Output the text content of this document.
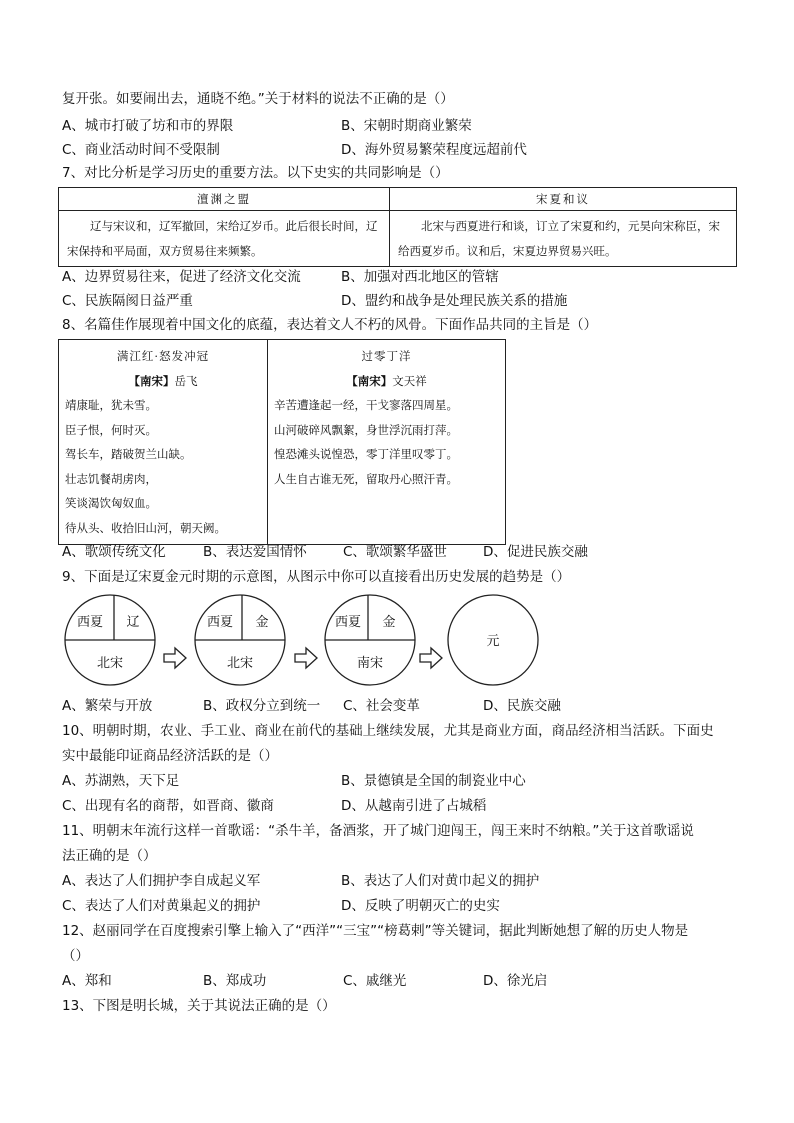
复开张。如要闹出去，通晓不绝。”关于材料的说法不正确的是（）
A、城市打破了坊和市的界限	B、宋朝时期商业繁荣
C、商业活动时间不受限制	D、海外贸易繁荣程度远超前代
7、对比分析是学习历史的重要方法。以下史实的共同影响是（）
澶渊之盟	宋夏和议
辽与宋议和，辽军撤回，宋给辽岁币。此后很长时间，辽宋保持和平局面，双方贸易往来频繁。	北宋与西夏进行和谈，订立了宋夏和约，元昊向宋称臣，宋给西夏岁币。议和后，宋夏边界贸易兴旺。
A、边界贸易往来，促进了经济文化交流	B、加强对西北地区的管辖
C、民族隔阂日益严重	D、盟约和战争是处理民族关系的措施
8、名篇佳作展现着中国文化的底蕴，表达着文人不朽的风骨。下面作品共同的主旨是（）
满江红·怒发冲冠
【南宋】岳飞
靖康耻，犹未雪。
臣子恨，何时灭。
驾长车，踏破贺兰山缺。
壮志饥餐胡虏肉，
笑谈渴饮匈奴血。
待从头、收拾旧山河，朝天阙。

过零丁洋
【南宋】文天祥
辛苦遭逢起一经，干戈寥落四周星。
山河破碎风飘絮，身世浮沉雨打萍。
惶恐滩头说惶恐，零丁洋里叹零丁。
人生自古谁无死，留取丹心照汗青。
A、歌颂传统文化	B、表达爱国情怀	C、歌颂繁华盛世	D、促进民族交融
9、下面是辽宋夏金元时期的示意图，从图示中你可以直接看出历史发展的趋势是（）
西夏 辽
北宋
西夏 金
北宋
西夏 金
南宋
元
A、繁荣与开放	B、政权分立到统一 C、社会变革	D、民族交融
10、明朝时期，农业、手工业、商业在前代的基础上继续发展，尤其是商业方面，商品经济相当活跃。下面史
实中最能印证商品经济活跃的是（）
A、苏湖熟，天下足	B、景德镇是全国的制瓷业中心
C、出现有名的商帮，如晋商、徽商	D、从越南引进了占城稻
11、明朝末年流行这样一首歌谣：“杀牛羊，备酒浆，开了城门迎闯王，闯王来时不纳粮。”关于这首歌谣说
法正确的是（）
A、表达了人们拥护李自成起义军	B、表达了人们对黄巾起义的拥护
C、表达了人们对黄巢起义的拥护	D、反映了明朝灭亡的史实
12、赵丽同学在百度搜索引擎上输入了“西洋”“三宝”“榜葛剌”等关键词，据此判断她想了解的历史人物是
（）
A、郑和	B、郑成功	C、戚继光	D、徐光启
13、下图是明长城，关于其说法正确的是（）
